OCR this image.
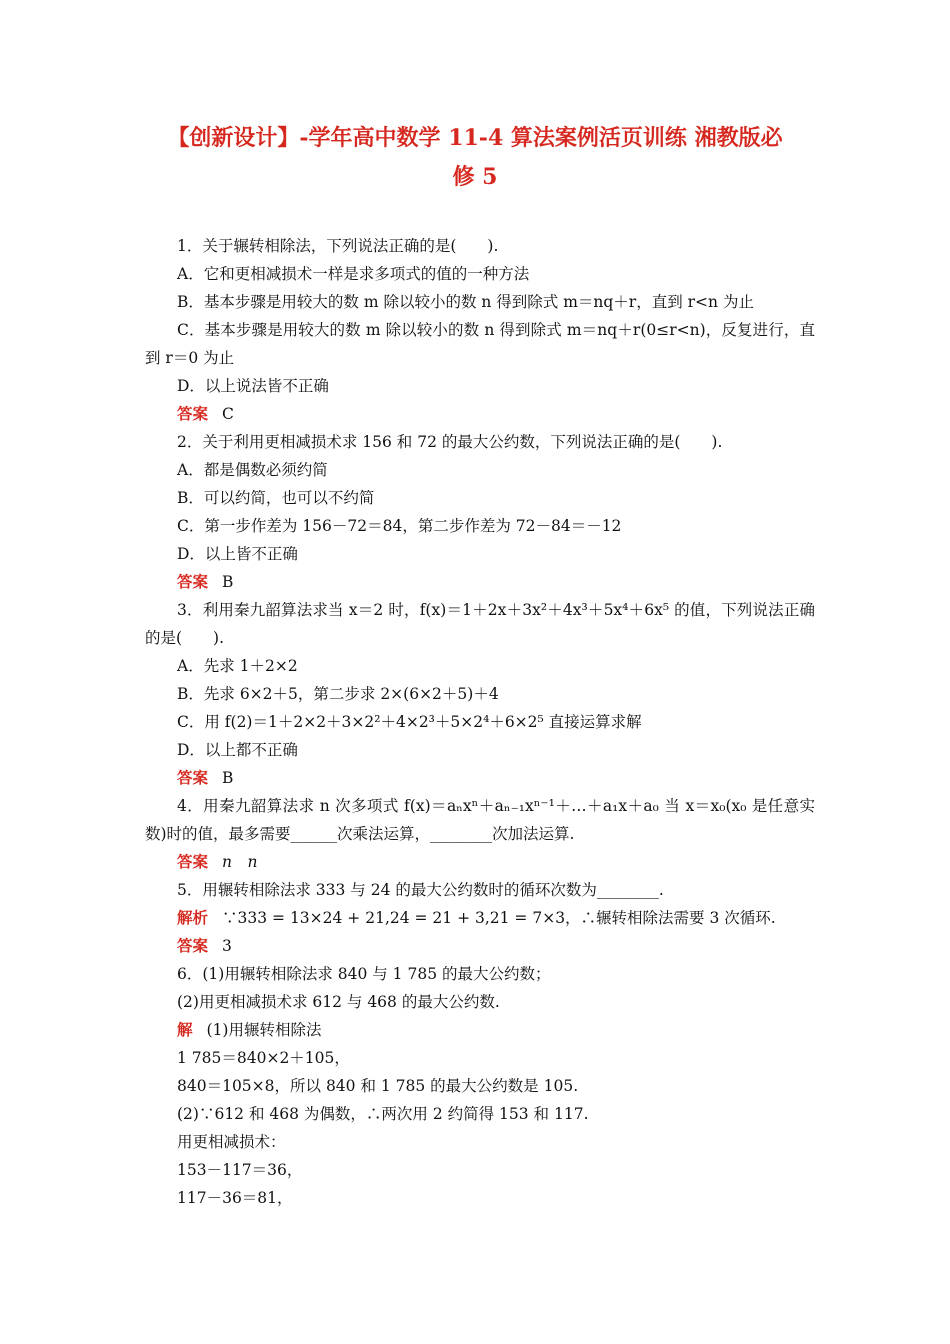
【创新设计】-学年高中数学 11-4 算法案例活页训练 湘教版必
修 5

1．关于辗转相除法，下列说法正确的是(　　).

A．它和更相减损术一样是求多项式的值的一种方法

B．基本步骤是用较大的数 m 除以较小的数 n 得到除式 m＝nq＋r，直到 r<n 为止

C．基本步骤是用较大的数 m 除以较小的数 n 得到除式 m＝nq＋r(0≤r<n)，反复进行，直到 r＝0 为止

D．以上说法皆不正确

答案 C

2．关于利用更相减损术求 156 和 72 的最大公约数，下列说法正确的是(　　).

A．都是偶数必须约简

B．可以约简，也可以不约简

C．第一步作差为 156－72＝84，第二步作差为 72－84＝－12

D．以上皆不正确

答案 B

3．利用秦九韶算法求当 x＝2 时，f(x)＝1＋2x＋3x²＋4x³＋5x⁴＋6x⁵ 的值，下列说法正确的是(　　).

A．先求 1＋2×2

B．先求 6×2＋5，第二步求 2×(6×2＋5)＋4

C．用 f(2)＝1＋2×2＋3×2²＋4×2³＋5×2⁴＋6×2⁵ 直接运算求解

D．以上都不正确

答案 B

4．用秦九韶算法求 n 次多项式 f(x)＝aₙxⁿ＋aₙ₋₁xⁿ⁻¹＋…＋a₁x＋a₀ 当 x＝x₀(x₀ 是任意实数)时的值，最多需要______次乘法运算，________次加法运算.

答案 n　n

5．用辗转相除法求 333 与 24 的最大公约数时的循环次数为________.

解析 ∵333 = 13×24 + 21,24 = 21 + 3,21 = 7×3，∴辗转相除法需要 3 次循环.

答案 3

6．(1)用辗转相除法求 840 与 1 785 的最大公约数；

(2)用更相减损术求 612 与 468 的最大公约数.

解 (1)用辗转相除法

1 785＝840×2＋105，

840＝105×8，所以 840 和 1 785 的最大公约数是 105.

(2)∵612 和 468 为偶数，∴两次用 2 约简得 153 和 117.

用更相减损术：

153－117＝36，

117－36＝81，
